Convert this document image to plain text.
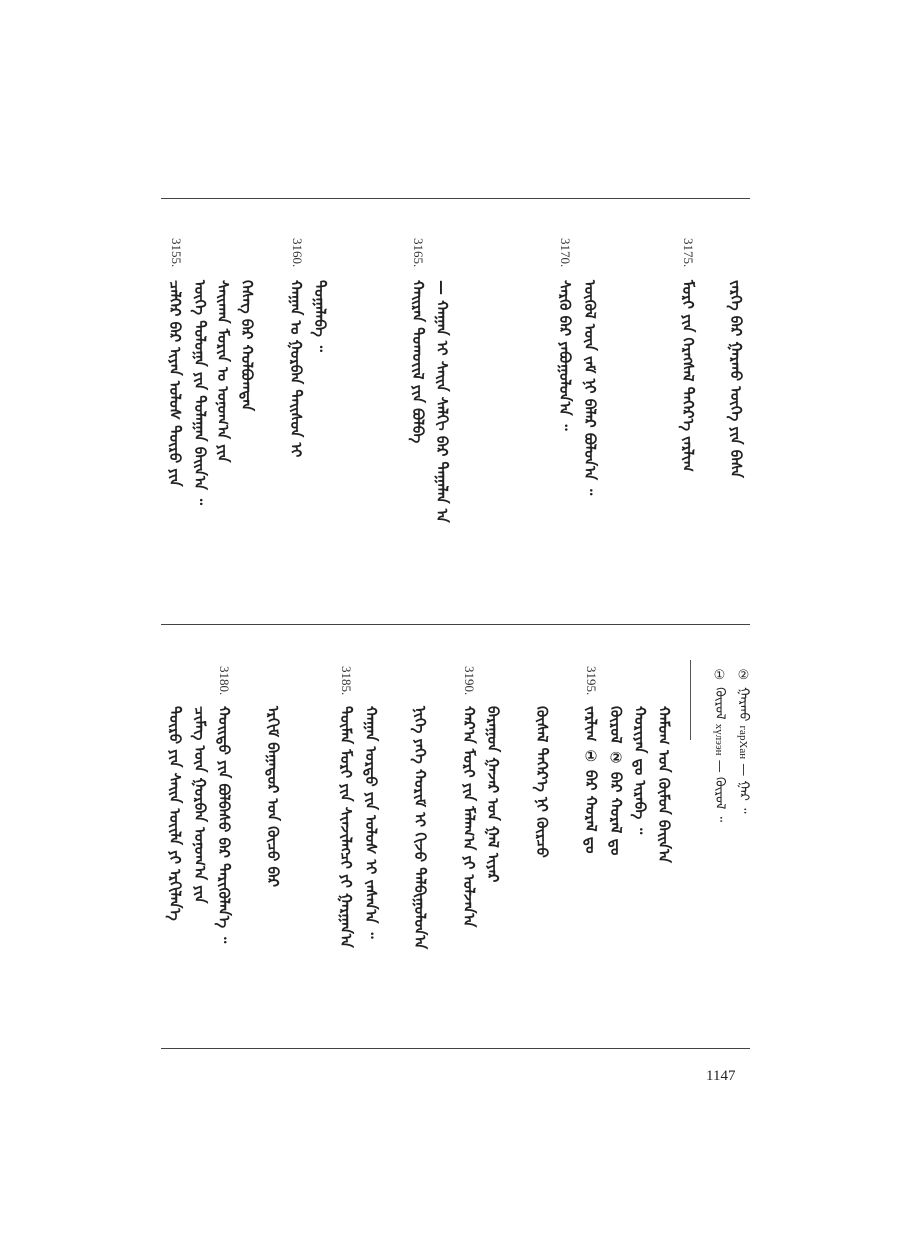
3155.	3160.	3165.	3170.	3175.
ᠴᠡᠯᠭᠡᠷ ᠪᠠᠷ ᠢᠶᠠᠨ ᠤᠯᠤᠰ ᠲᠦᠷᠦ ᠶᠢᠨ ᠦᠭᠡ ᠳᠣᠯᠣᠭᠠ ᠶᠢᠨ ᠳᠤᠯᠠᠭᠠᠨ ᠪᠠᠢ᠌ᠨ᠎ᠠ ᠃ ᠰᠠᠢ᠌ᠬᠠᠨ ᠮᠣᠷᠢᠨ ᠤ ᠣᠨᠣᠭ᠎ᠠ ᠶᠢᠨ ᠬᠡᠰᠡᠭ ᠪᠠᠷ ᠬᠣᠯᠪᠣᠭᠳᠠᠨ ᠬᠠᠭᠠᠨ ᠤ ᠭᠤᠷᠪᠠᠨ ᠳᠠᠢ᠌ᠰᠤᠨ ᠢ ᠲᠣᠭᠠᠯᠠᠪᠠ ᠃	ᠬᠠᠢ᠌ᠷᠠᠨ ᠲᠣᠬᠣᠶ᠋ᠢᠯ ᠶᠢᠨ ᠪᠣᠯᠪᠠ — ᠬᠠᠭᠠᠨ ᠢ ᠰᠠᠢ᠌ᠨ ᠰᠠᠯᠬᠢ ᠪᠠᠷ ᠳᠠᠭᠠᠯᠠᠨ ᠠ	ᠰᠡᠷᠬᠦ ᠪᠡᠷ ᠶᠠᠪᠤᠭᠤᠯᠤᠨ᠎ᠠ ᠃ ᠦᠬᠦᠯ ᠦᠨ ᠵᠠᠮ ᠨᠢ ᠪᠠᠯᠠᠷ ᠪᠣᠯᠤᠨ᠎ᠠ ᠃	ᠮᠣᠷᠢ ᠶᠢᠨ ᠬᠡᠷᠡᠭᠰᠡᠯ ᠳᠡᠭᠡᠷ᠎ᠡ ᠵᠠᠷᠯᠢᠭ ᠵᠡᠷᠭᠡ ᠪᠡᠷ ᠭᠠᠷᠬᠤ ᠦᠭᠡ ᠶᠢᠨ ᠪᠠᠰᠠ
3180.	3185.	3190.	3195.
ᠲᠦᠷᠦ ᠶᠢᠨ ᠰᠠᠢ᠌ᠨ ᠦᠢᠯᠡ ᠶᠢ ᠡᠷᠬᠢᠯᠡᠨ᠎ᠡ ᠴᠢᠮᠡᠭ ᠦᠨ ᠭᠤᠷᠪᠠᠨ ᠣᠨᠣᠭ᠎ᠠ ᠶᠢᠨ ᠬᠣᠢ᠌ᠳᠤ ᠶᠢᠨ ᠪᠣᠯᠪᠠᠰᠤ ᠪᠠᠷ ᠲᠡᠷᠢᠭᠦᠯᠡᠨ᠎ᠡ ᠃ ᠡᠷᠬᠢᠮ ᠪᠠᠭᠠᠲᠤᠷ ᠤᠨ ᠬᠦᠴᠦ ᠪᠡᠷ	ᠲᠦᠮᠡᠨ ᠮᠣᠷᠢ ᠶᠢᠨ ᠰᠢᠨᠵᠢᠯᠡᠭᠴᠢ ᠶᠢ ᠭᠠᠷᠭᠠᠨ᠎ᠠ ᠬᠠᠭᠠᠨ ᠣᠷᠳᠣ ᠶᠢᠨ ᠤᠯᠤᠰ ᠢ ᠵᠠᠰᠠᠨ᠎ᠠ ᠃ ᠨᠢᠬᠡ ᠶᠡᠬᠡ ᠬᠣᠷᠢᠮ ᠢ ᠬᠢᠵᠦ ᠲᠠᠯᠪᠢᠭᠤᠯᠤᠨ᠎ᠠ ᠬᠠᠷ᠎ᠠ ᠮᠣᠷᠢ ᠶᠢᠨ ᠮᠠᠯᠠᠭ᠎ᠠ ᠶᠢ ᠣᠯᠵᠠᠨ᠎ᠠ ᠪᠠᠷᠠᠭᠤᠨ ᠭᠠᠵᠠᠷ ᠤᠨ ᠭᠠᠯ ᠢᠶᠡᠷ ᠬᠦᠰᠡᠯ ᠳᠡᠭᠡᠷ᠎ᠡ ᠨᠢ ᠬᠦᠷᠴᠦ ᠵᠠᠷᠯᠢᠭ ① ᠪᠠᠷ ᠬᠤᠷᠠᠯ ᠳᠤ ᠬᠦᠷᠦᠯ ② ᠪᠠᠷ ᠬᠤᠷᠠᠯ ᠳᠤ ᠬᠤᠷᠢᠶᠠᠨ ᠳᠤ ᠢᠷᠡᠪᠡ ᠃ ᠬᠠᠮᠤᠭ ᠤᠨ ᠬᠦᠮᠦᠨ ᠪᠠᠢ᠌ᠨ᠎ᠠ
① ᠬᠦᠷᠦᠯ хүлээн — ᠬᠦᠷᠦᠯ ᠃
② ᠭᠠᠷᠬᠤ гарХан — ᠭᠠᠷ ᠃
1147
